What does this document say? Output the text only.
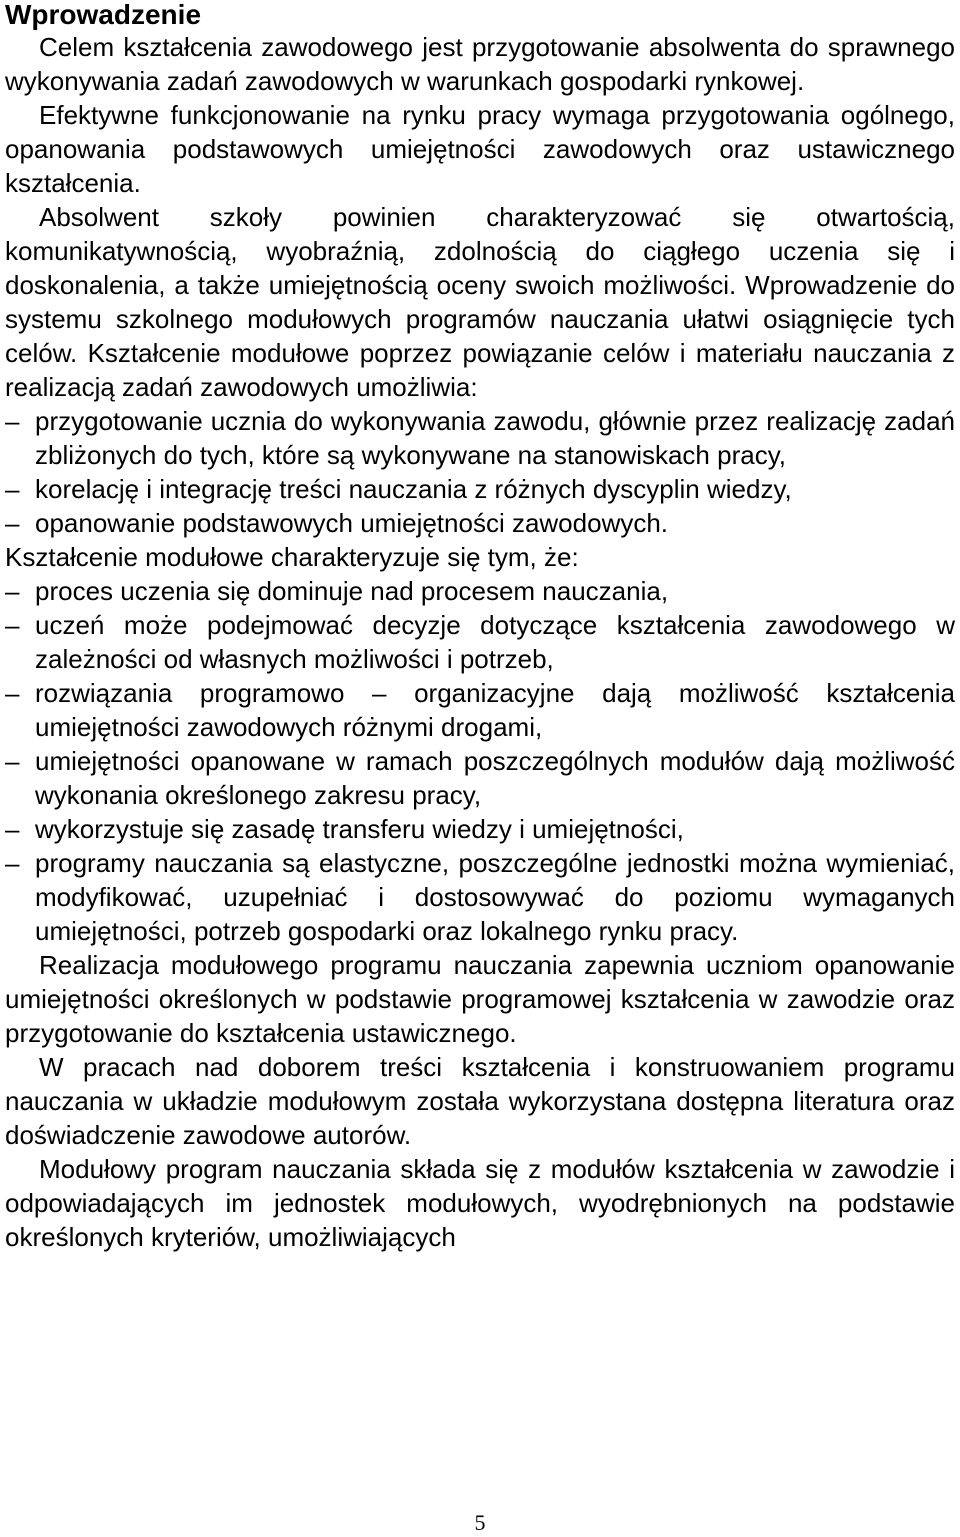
Wprowadzenie

Celem kształcenia zawodowego jest przygotowanie absolwenta do sprawnego wykonywania zadań zawodowych w warunkach gospodarki rynkowej.

Efektywne funkcjonowanie na rynku pracy wymaga przygotowania ogólnego, opanowania podstawowych umiejętności zawodowych oraz ustawicznego kształcenia.

Absolwent szkoły powinien charakteryzować się otwartością, komunikatywnością, wyobraźnią, zdolnością do ciągłego uczenia się i doskonalenia, a także umiejętnością oceny swoich możliwości. Wprowadzenie do systemu szkolnego modułowych programów nauczania ułatwi osiągnięcie tych celów. Kształcenie modułowe poprzez powiązanie celów i materiału nauczania z realizacją zadań zawodowych umożliwia:

– przygotowanie ucznia do wykonywania zawodu, głównie przez realizację zadań zbliżonych do tych, które są wykonywane na stanowiskach pracy,
– korelację i integrację treści nauczania z różnych dyscyplin wiedzy,
– opanowanie podstawowych umiejętności zawodowych.

Kształcenie modułowe charakteryzuje się tym, że:

– proces uczenia się dominuje nad procesem nauczania,
– uczeń może podejmować decyzje dotyczące kształcenia zawodowego w zależności od własnych możliwości i potrzeb,
– rozwiązania programowo – organizacyjne dają możliwość kształcenia umiejętności zawodowych różnymi drogami,
– umiejętności opanowane w ramach poszczególnych modułów dają możliwość wykonania określonego zakresu pracy,
– wykorzystuje się zasadę transferu wiedzy i umiejętności,
– programy nauczania są elastyczne, poszczególne jednostki można wymieniać, modyfikować, uzupełniać i dostosowywać do poziomu wymaganych umiejętności, potrzeb gospodarki oraz lokalnego rynku pracy.

Realizacja modułowego programu nauczania zapewnia uczniom opanowanie umiejętności określonych w podstawie programowej kształcenia w zawodzie oraz przygotowanie do kształcenia ustawicznego.

W pracach nad doborem treści kształcenia i konstruowaniem programu nauczania w układzie modułowym została wykorzystana dostępna literatura oraz doświadczenie zawodowe autorów.

Modułowy program nauczania składa się z modułów kształcenia w zawodzie i odpowiadających im jednostek modułowych, wyodrębnionych na podstawie określonych kryteriów, umożliwiających

5
